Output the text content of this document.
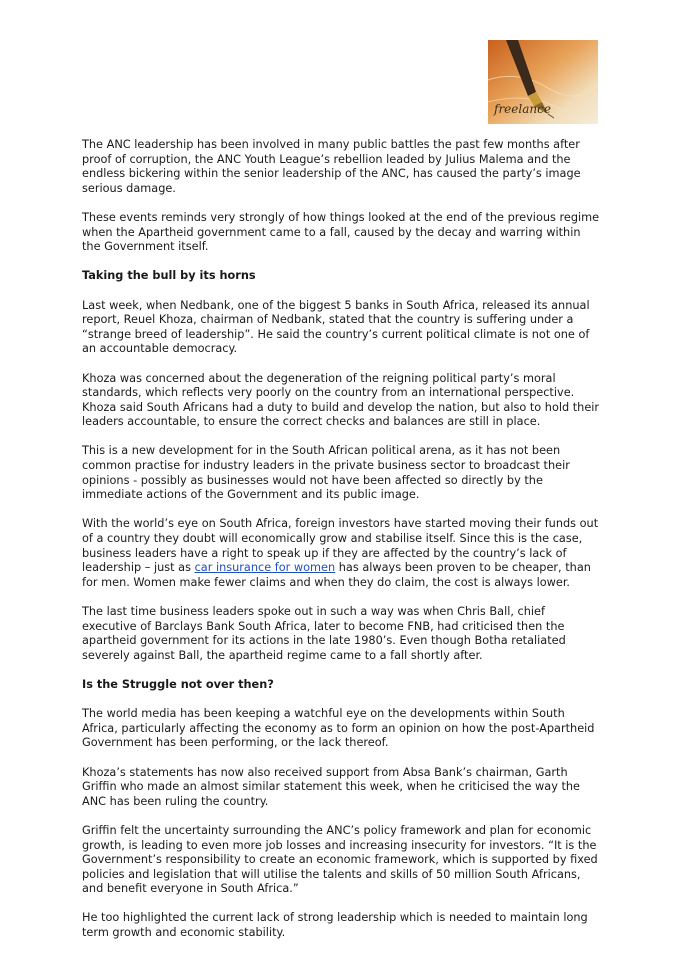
freelance

The ANC leadership has been involved in many public battles the past few months after proof of corruption, the ANC Youth League’s rebellion leaded by Julius Malema and the endless bickering within the senior leadership of the ANC, has caused the party’s image serious damage.

These events reminds very strongly of how things looked at the end of the previous regime when the Apartheid government came to a fall, caused by the decay and warring within the Government itself.

Taking the bull by its horns

Last week, when Nedbank, one of the biggest 5 banks in South Africa, released its annual report, Reuel Khoza, chairman of Nedbank, stated that the country is suffering under a “strange breed of leadership”. He said the country’s current political climate is not one of an accountable democracy.

Khoza was concerned about the degeneration of the reigning political party’s moral standards, which reflects very poorly on the country from an international perspective. Khoza said South Africans had a duty to build and develop the nation, but also to hold their leaders accountable, to ensure the correct checks and balances are still in place.

This is a new development for in the South African political arena, as it has not been common practise for industry leaders in the private business sector to broadcast their opinions - possibly as businesses would not have been affected so directly by the immediate actions of the Government and its public image.

With the world’s eye on South Africa, foreign investors have started moving their funds out of a country they doubt will economically grow and stabilise itself. Since this is the case, business leaders have a right to speak up if they are affected by the country’s lack of leadership – just as car insurance for women has always been proven to be cheaper, than for men. Women make fewer claims and when they do claim, the cost is always lower.

The last time business leaders spoke out in such a way was when Chris Ball, chief executive of Barclays Bank South Africa, later to become FNB, had criticised then the apartheid government for its actions in the late 1980’s. Even though Botha retaliated severely against Ball, the apartheid regime came to a fall shortly after.

Is the Struggle not over then?

The world media has been keeping a watchful eye on the developments within South Africa, particularly affecting the economy as to form an opinion on how the post-Apartheid Government has been performing, or the lack thereof.

Khoza’s statements has now also received support from Absa Bank’s chairman, Garth Griffin who made an almost similar statement this week, when he criticised the way the ANC has been ruling the country.

Griffin felt the uncertainty surrounding the ANC’s policy framework and plan for economic growth, is leading to even more job losses and increasing insecurity for investors. “It is the Government’s responsibility to create an economic framework, which is supported by fixed policies and legislation that will utilise the talents and skills of 50 million South Africans, and benefit everyone in South Africa.”

He too highlighted the current lack of strong leadership which is needed to maintain long term growth and economic stability.
